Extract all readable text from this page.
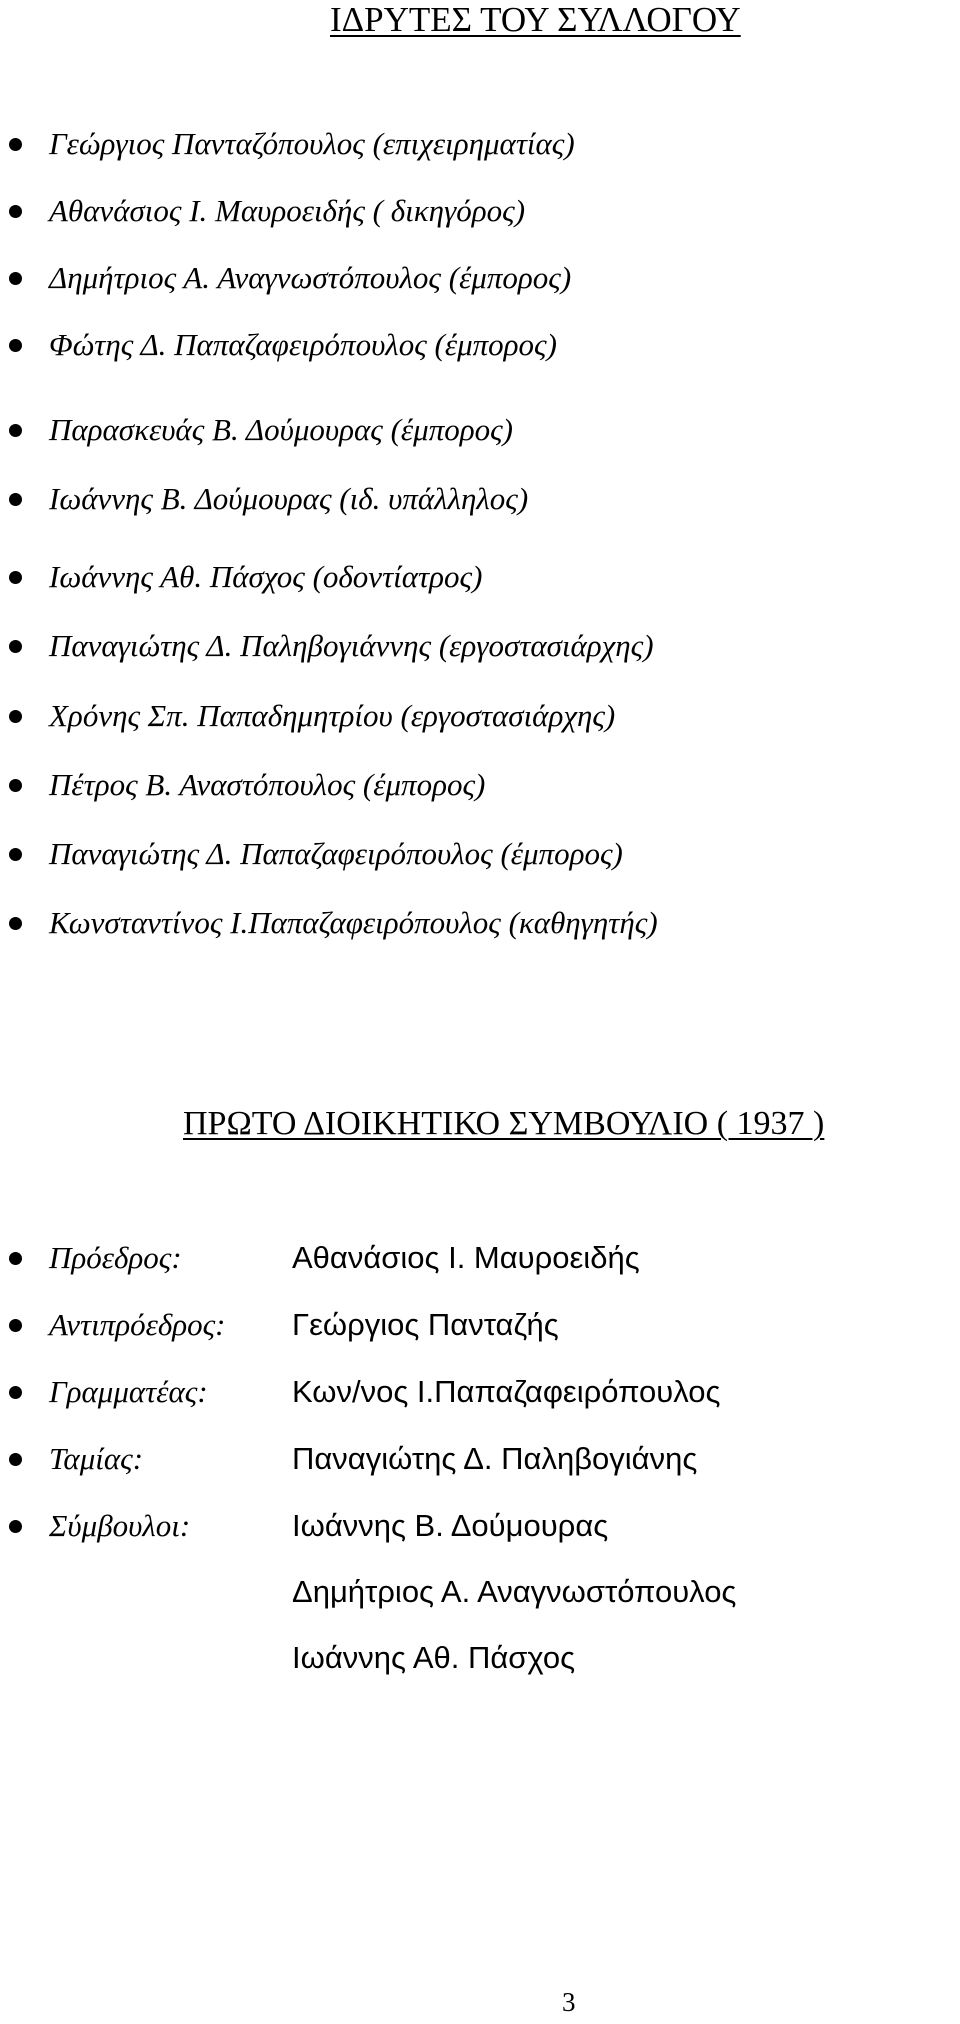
ΙΔΡΥΤΕΣ ΤΟΥ ΣΥΛΛΟΓΟΥ
Γεώργιος Πανταζόπουλος (επιχειρηματίας)
Αθανάσιος Ι. Μαυροειδής ( δικηγόρος)
Δημήτριος Α. Αναγνωστόπουλος (έμπορος)
Φώτης Δ. Παπαζαφειρόπουλος (έμπορος)
Παρασκευάς Β. Δούμουρας (έμπορος)
Ιωάννης Β. Δούμουρας (ιδ. υπάλληλος)
Ιωάννης Αθ. Πάσχος (οδοντίατρος)
Παναγιώτης Δ. Παληβογιάννης (εργοστασιάρχης)
Χρόνης Σπ. Παπαδημητρίου (εργοστασιάρχης)
Πέτρος Β. Αναστόπουλος (έμπορος)
Παναγιώτης Δ. Παπαζαφειρόπουλος (έμπορος)
Κωνσταντίνος Ι.Παπαζαφειρόπουλος (καθηγητής)
ΠΡΩΤΟ ΔΙΟΙΚΗΤΙΚΟ ΣΥΜΒΟΥΛΙΟ ( 1937 )
Πρόεδρος:	Αθανάσιος Ι. Μαυροειδής
Αντιπρόεδρος: Γεώργιος Πανταζής
Γραμματέας:	Κων/νος Ι.Παπαζαφειρόπουλος
Ταμίας:	Παναγιώτης Δ. Παληβογιάνης
Σύμβουλοι:	Ιωάννης Β. Δούμουρας
Δημήτριος Α. Αναγνωστόπουλος
Ιωάννης Αθ. Πάσχος
3
